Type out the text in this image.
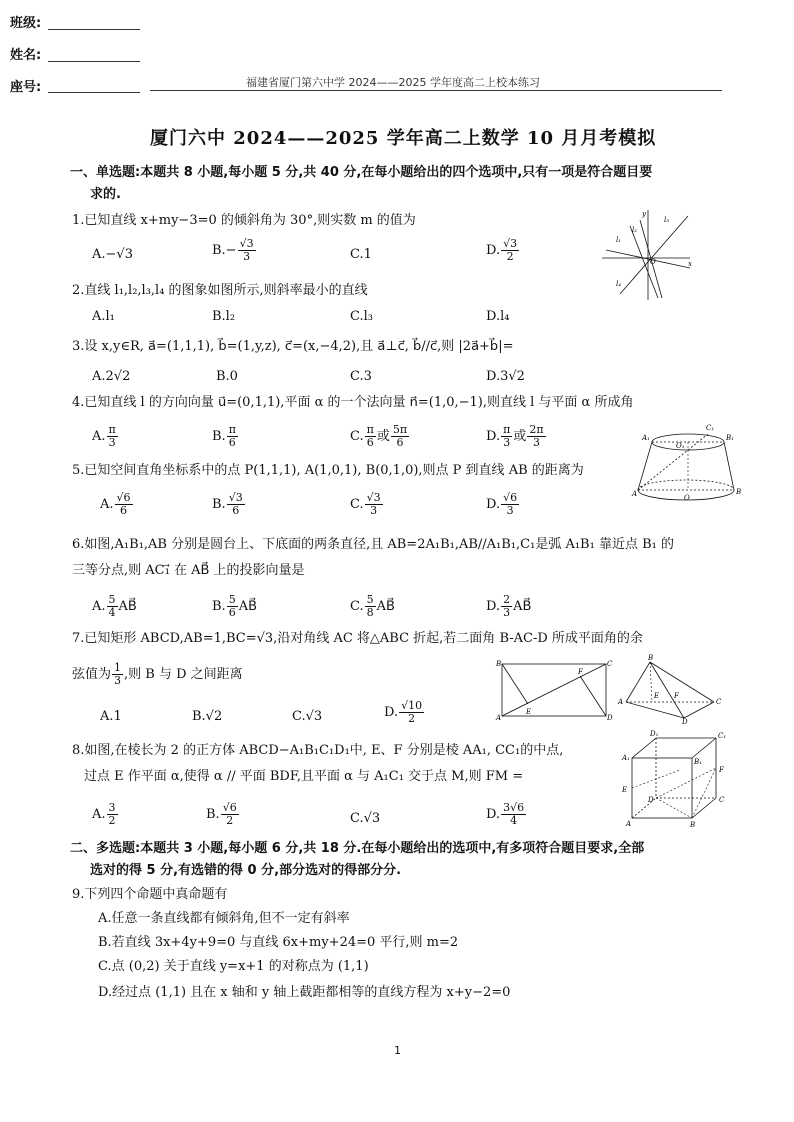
班级:
姓名:
座号:	福建省厦门第六中学 2024——2025 学年度高二上校本练习
厦门六中 2024——2025 学年高二上数学 10 月月考模拟
一、单选题:本题共 8 小题,每小题 5 分,共 40 分,在每小题给出的四个选项中,只有一项是符合题目要
求的.
1.已知直线 x+my−3=0 的倾斜角为 30°,则实数 m 的值为
A.−√3	$B.- \frac{√3}{3}$	C.1	D. $\frac{√3}{2}$
y
x
O
l₁
l₂
l₃
l₄
2.直线 l₁,l₂,l₃,l₄ 的图象如图所示,则斜率最小的直线
A.l₁	B.l₂	C.l₃	D.l₄
3.设 x,y∈R, a⃗=(1,1,1), b⃗=(1,y,z), c⃗=(x,−4,2),且 a⃗⊥c⃗, b⃗//c⃗,则 |2a⃗+b⃗|=
A.2√2	B.0	C.3	D.3√2
4.已知直线 l 的方向向量 u⃗=(0,1,1),平面 α 的一个法向量 n⃗=(1,0,−1),则直线 l 与平面 α 所成角
A. $\frac{\pi}{3}$	B. $\frac{\pi}{6}$	C. $\frac{\pi}{6}$ 或 $\frac{5\pi}{6}$	D. $\frac{\pi}{3}$ 或 $\frac{2\pi}{3}$	A₁
C₁
B₁
O₁
A	B
O
5.已知空间直角坐标系中的点 P(1,1,1), A(1,0,1), B(0,1,0),则点 P 到直线 AB 的距离为
A. $\frac{√6}{6}$	B. $\frac{√3}{6}$	C. $\frac{√3}{3}$	D. $\frac{√6}{3}$
6.如图,A₁B₁,AB 分别是圆台上、下底面的两条直径,且 AB=2A₁B₁,AB//A₁B₁,C₁是弧 A₁B₁ 靠近点 B₁ 的
三等分点,则 AC₁⃗ 在 AB⃗ 上的投影向量是
A. $\frac{5}{4}$ AB⃗	B. $\frac{5}{6}$ AB⃗	C. $\frac{5}{8}$ AB⃗	D. $\frac{2}{3}$ AB⃗
7.已知矩形 ABCD,AB=1,BC=√3,沿对角线 AC 将△ABC 折起,若二面角 B-AC-D 所成平面角的余
弦值为 $\frac{1}{3}$ ,则 B 与 D 之间距离
B	C
A	D
E
F
B
A	C
D
E F
A.1	B.√2	C.√3	D. $\frac{√10}{2}$
8.如图,在棱长为 2 的正方体 ABCD−A₁B₁C₁D₁中, E、F 分别是棱 AA₁, CC₁的中点,
过点 E 作平面 α,使得 α // 平面 BDF,且平面 α 与 A₁C₁ 交于点 M,则 FM =
D₁	C₁
A₁	B₁
E
F
D	C
A	B
A. $\frac{3}{2}$	B. $\frac{√6}{2}$	C.√3	D. $\frac{3√6}{4}$
二、多选题:本题共 3 小题,每小题 6 分,共 18 分.在每小题给出的选项中,有多项符合题目要求,全部
选对的得 5 分,有选错的得 0 分,部分选对的得部分分.
9.下列四个命题中真命题有
A.任意一条直线都有倾斜角,但不一定有斜率
B.若直线 3x+4y+9=0 与直线 6x+my+24=0 平行,则 m=2
C.点 (0,2) 关于直线 y=x+1 的对称点为 (1,1)
D.经过点 (1,1) 且在 x 轴和 y 轴上截距都相等的直线方程为 x+y−2=0
1
